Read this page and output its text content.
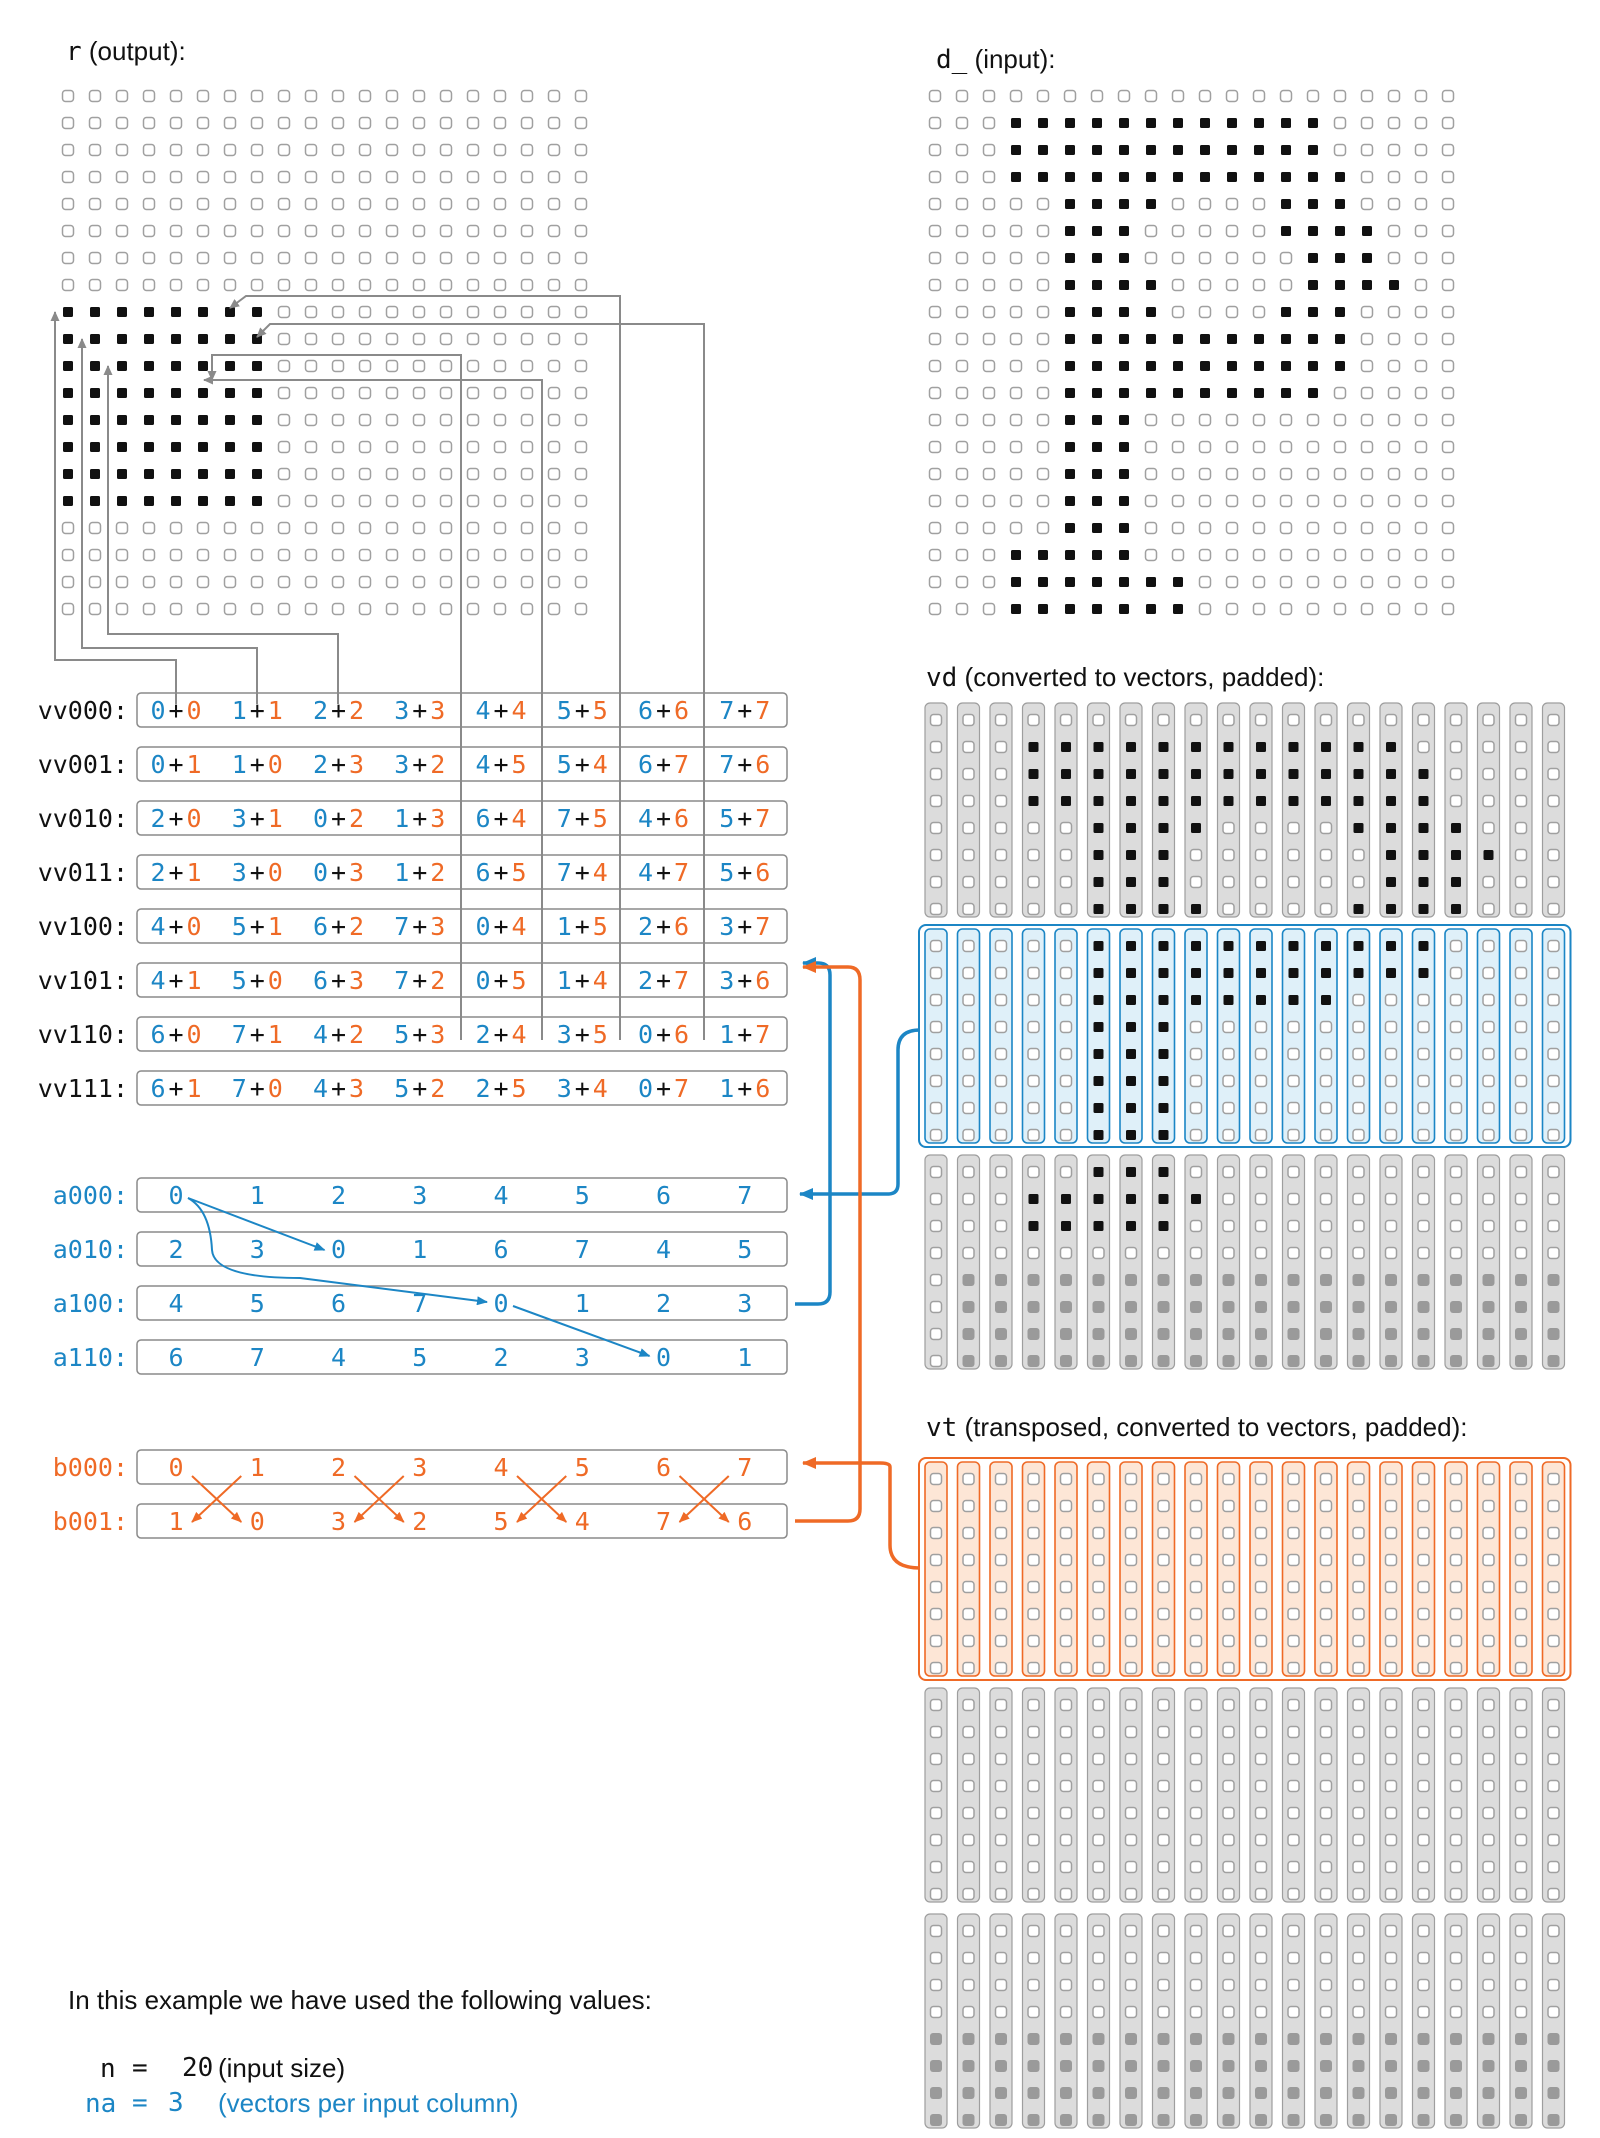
vv000: 0 + 0 1 + 1 2 + 2 3 + 3 4 + 4 5 + 5 6 + 6 7 + 7
vv001: 0 + 1 1 + 0 2 + 3 3 + 2 4 + 5 5 + 4 6 + 7 7 + 6
vv010: 2 + 0 3 + 1 0 + 2 1 + 3 6 + 4 7 + 5 4 + 6 5 + 7
vv011: 2 + 1 3 + 0 0 + 3 1 + 2 6 + 5 7 + 4 4 + 7 5 + 6
vv100: 4 + 0 5 + 1 6 + 2 7 + 3 0 + 4 1 + 5 2 + 6 3 + 7
vv101: 4 + 1 5 + 0 6 + 3 7 + 2 0 + 5 1 + 4 2 + 7 3 + 6
vv110: 6 + 0 7 + 1 4 + 2 5 + 3 2 + 4 3 + 5 0 + 6 1 + 7
vv111: 6 + 1 7 + 0 4 + 3 5 + 2 2 + 5 3 + 4 0 + 7 1 + 6
a000: 0	1	2	3	4	5	6	7
a010: 2	3	0	1	6	7	4	5
a100: 4	5	6	7	0	1	2	3
a110: 6	7	4	5	2	3	0	1
b000: 0	1	2	3	4	5	6	7
b001: 1	0	3	2	5	4	7	6
r (output):	d_ (input):
vd (converted to vectors, padded):
vt (transposed, converted to vectors, padded):
In this example we have used the following values:
n = 20 (input size)
na = 3 (vectors per input column)
